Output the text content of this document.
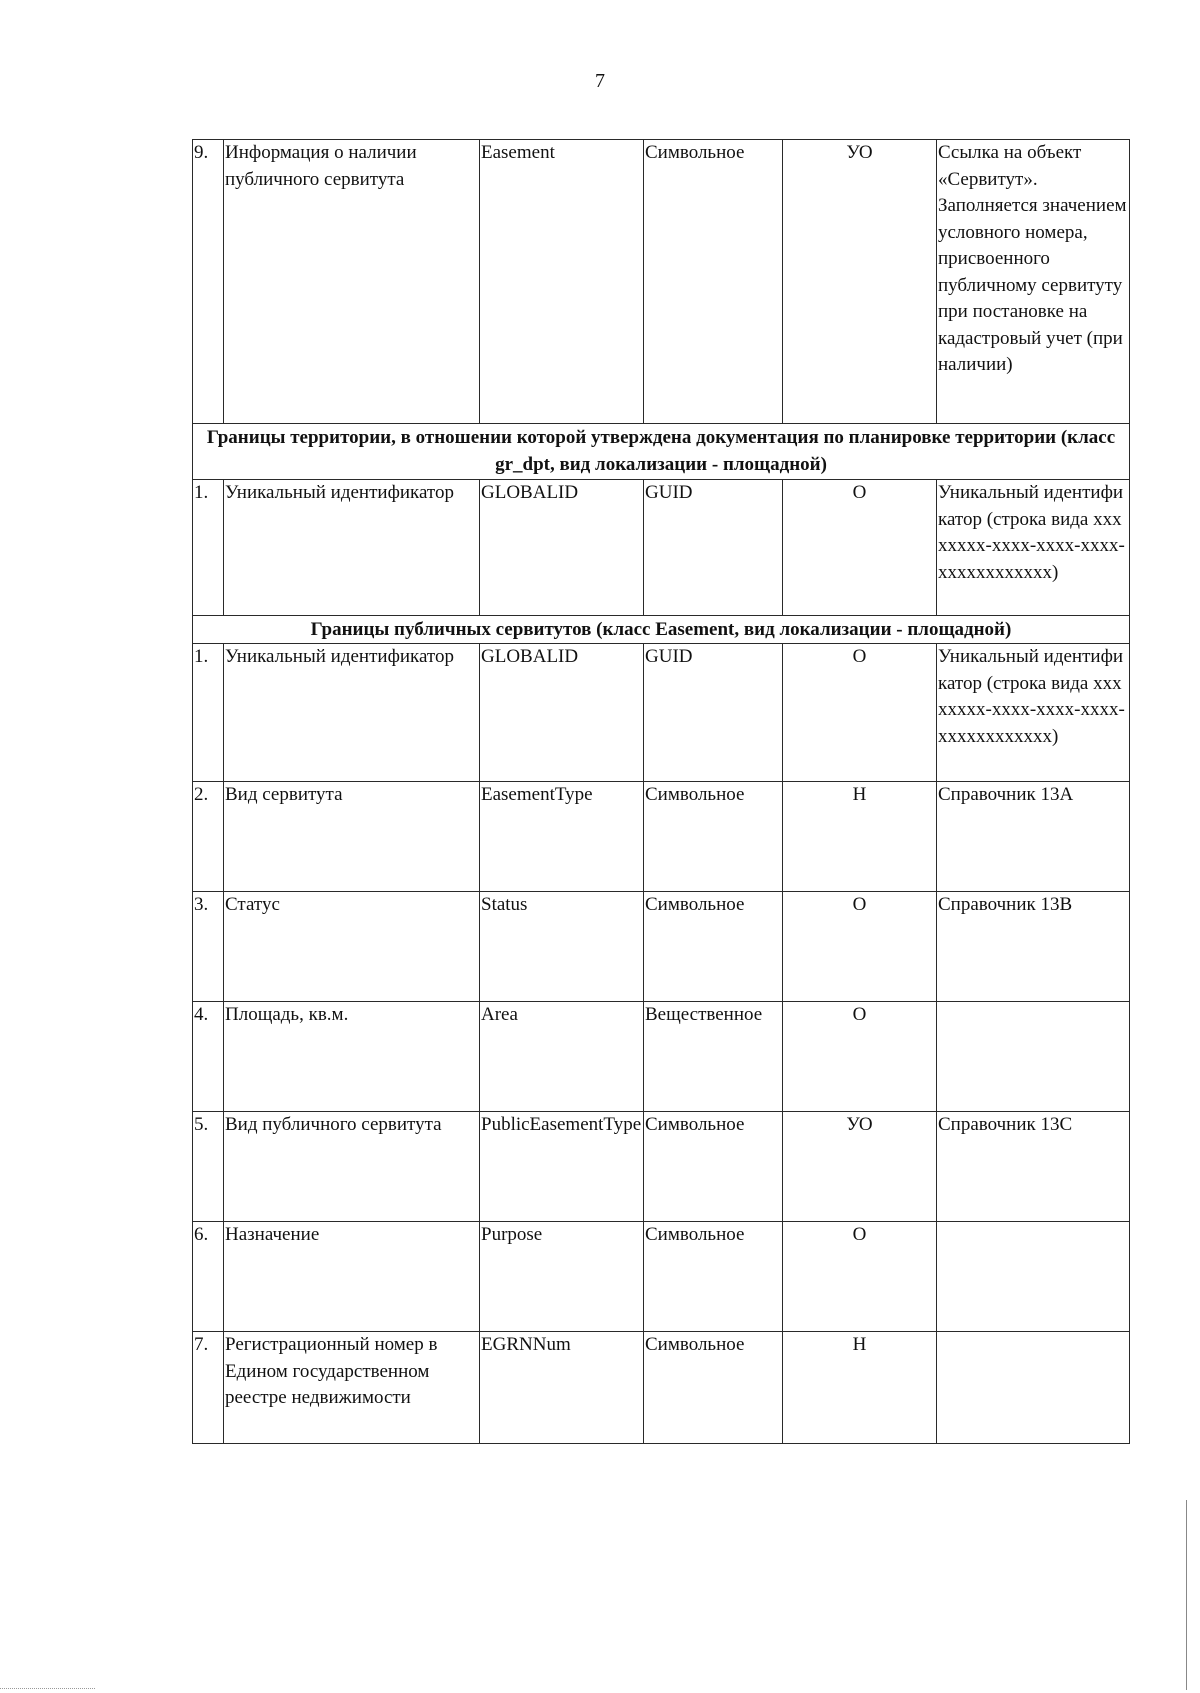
7
9.	Информация о наличии публичного сервитута	Easement	Символьное	УО	Ссылка на объект «Сервитут». Заполняется значением условного номера, присвоенного публичному сервитуту при постановке на кадастровый учет (при наличии)

Границы территории, в отношении которой утверждена документация по планировке территории (класс gr_dpt, вид локализации - площадной)					
1.	Уникальный идентификатор	GLOBALID	GUID	О	Уникальный идентификатор (строка вида xxxxxxxx-xxxx-xxxx-xxxx-xxxxxxxxxxxx)
Границы публичных сервитутов (класс Easement, вид локализации - площадной)					
1.	Уникальный идентификатор	GLOBALID	GUID	О	Уникальный идентификатор (строка вида xxxxxxxx-xxxx-xxxx-xxxx-xxxxxxxxxxxx)
2.	Вид сервитута	EasementType	Символьное	Н	Справочник 13А
3.	Статус	Status	Символьное	О	Справочник 13В
4.	Площадь, кв.м.	Area	Вещественное	О	
5.	Вид публичного сервитута	PublicEasementType	Символьное	УО	Справочник 13С
6.	Назначение	Purpose	Символьное	О	
7.	Регистрационный номер в Едином государственном реестре недвижимости	EGRNNum	Символьное	Н	
